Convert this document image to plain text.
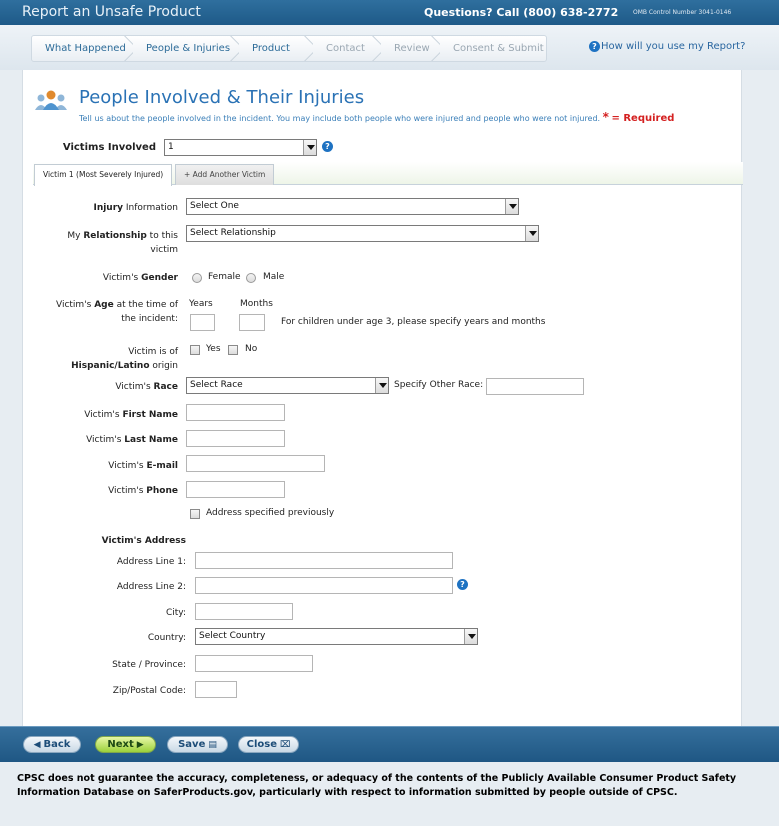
Report an Unsafe Product	Questions? Call (800) 638-2772 OMB Control Number 3041-0146
What Happened	People & Injuries	Product	Contact	Review	Consent & Submit	? How will you use my Report?
People Involved & Their Injuries
Tell us about the people involved in the incident. You may include both people who were injured and people who were not injured. * = Required
Victims Involved	1	?
Victim 1 (Most Severely Injured)	+ Add Another Victim
Injury Information	Select One
My Relationship to this
victim
Select Relationship
Victim's Gender	Female Male
Victim's Age at the time of
the incident:
Years	Months
For children under age 3, please specify years and months
Victim is of
Hispanic/Latino origin
Yes	No
Victim's Race	Select Race	Specify Other Race:
Victim's First Name
Victim's Last Name
Victim's E-mail
Victim's Phone
Address specified previously
Victim's Address
Address Line 1:
Address Line 2:	?
City:
Country:	Select Country
State / Province:
Zip/Postal Code:
◀ Back	Next ▶	Save ▤	Close ⌧
CPSC does not guarantee the accuracy, completeness, or adequacy of the contents of the Publicly Available Consumer Product Safety Information Database on SaferProducts.gov, particularly with respect to information submitted by people outside of CPSC.
